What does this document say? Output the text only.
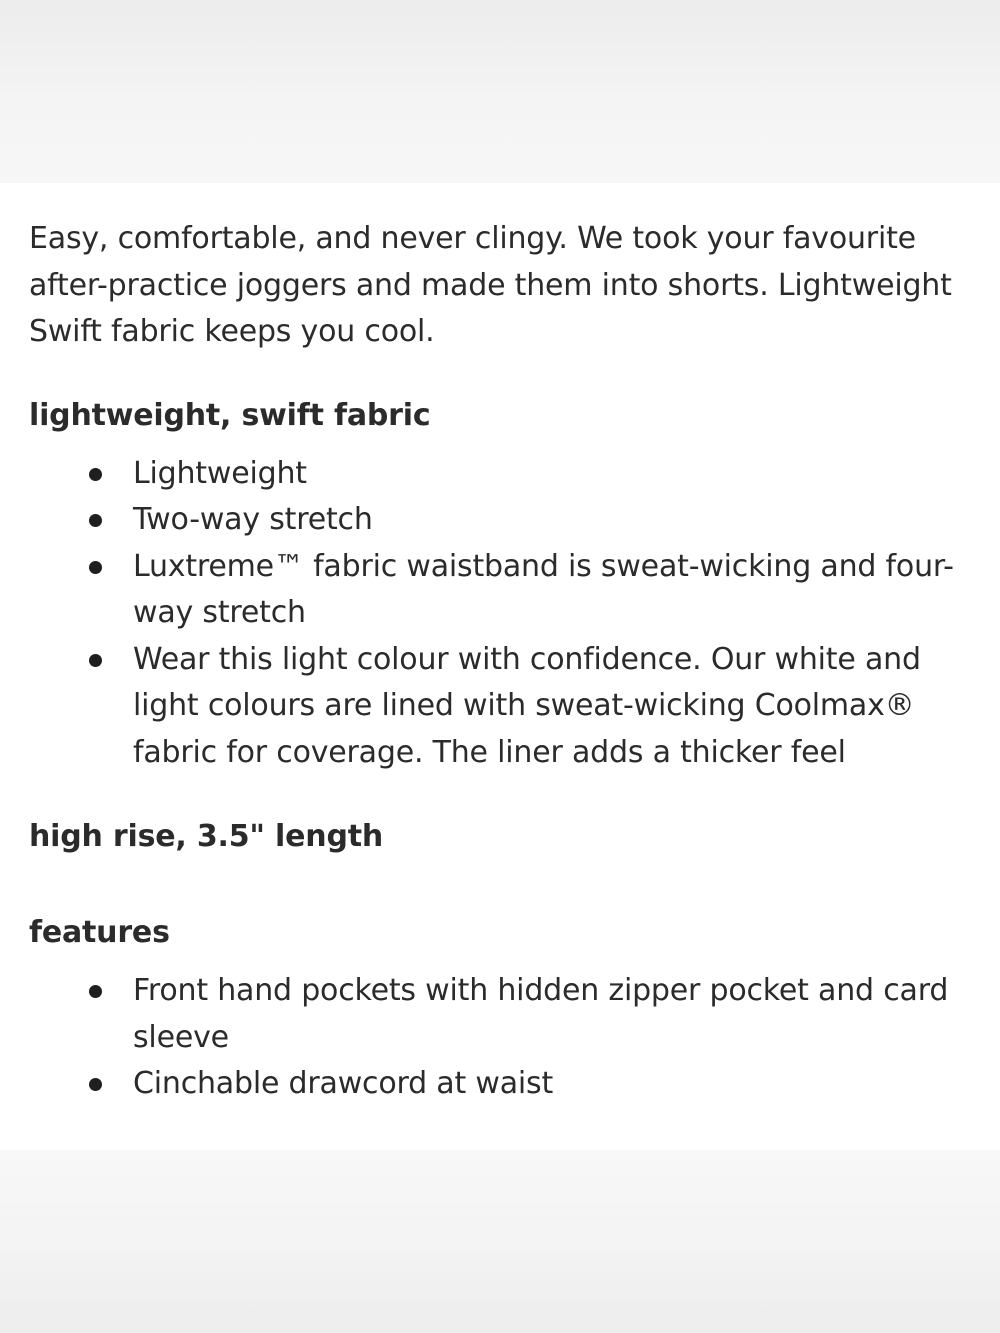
Easy, comfortable, and never clingy. We took your favourite after-practice joggers and made them into shorts. Lightweight Swift fabric keeps you cool.

lightweight, swift fabric
Lightweight
Two-way stretch
Luxtreme™ fabric waistband is sweat-wicking and four-way stretch
Wear this light colour with confidence. Our white and light colours are lined with sweat-wicking Coolmax® fabric for coverage. The liner adds a thicker feel
high rise, 3.5" length
features
Front hand pockets with hidden zipper pocket and card sleeve
Cinchable drawcord at waist
